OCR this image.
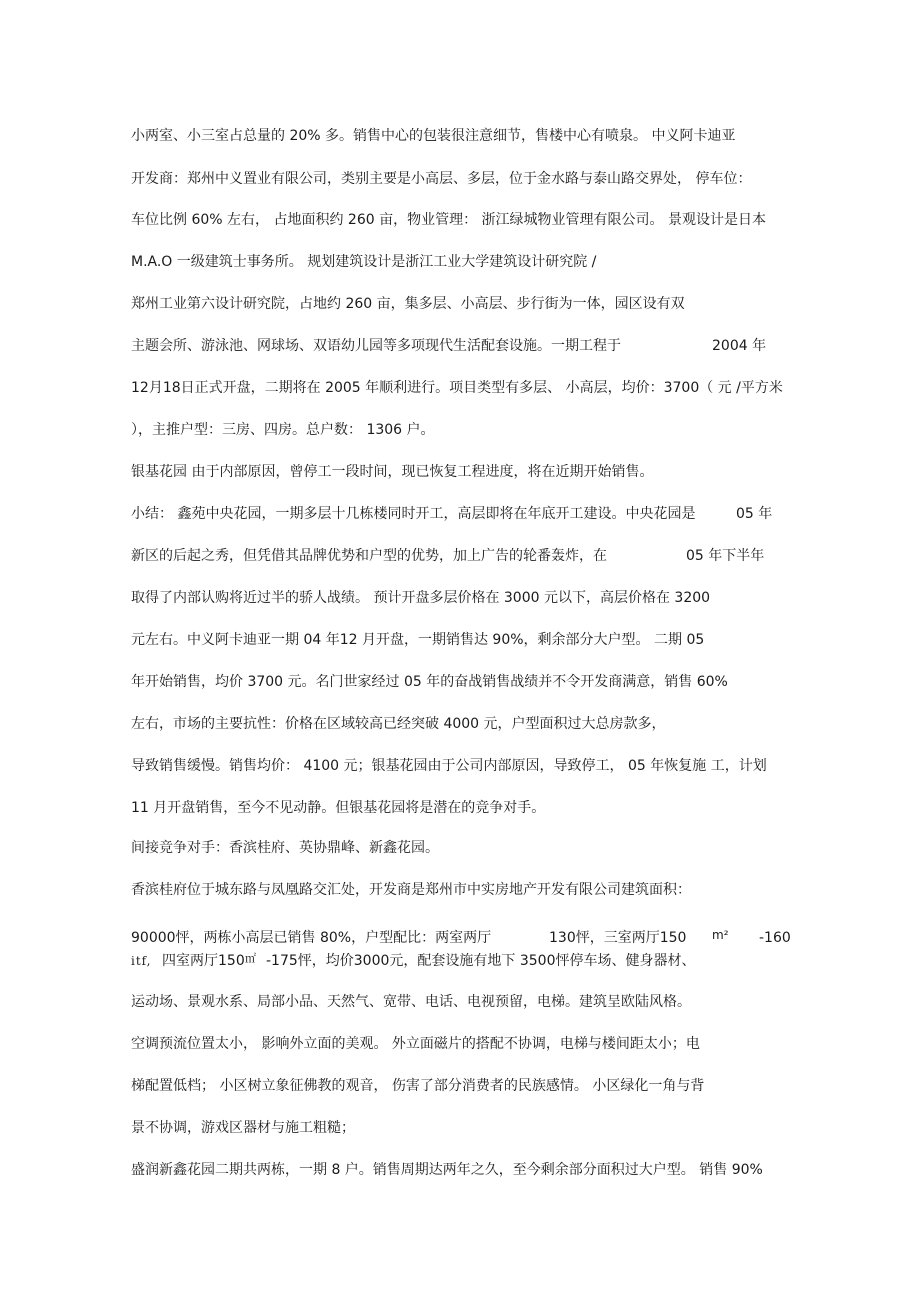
小两室、小三室占总量的 20% 多。销售中心的包装很注意细节，售楼中心有喷泉。 中义阿卡迪亚

开发商：郑州中义置业有限公司，类别主要是小高层、多层，位于金水路与泰山路交界处， 停车位：

车位比例 60% 左右， 占地面积约 260 亩，物业管理： 浙江绿城物业管理有限公司。 景观设计是日本

M.A.O 一级建筑士事务所。 规划建筑设计是浙江工业大学建筑设计研究院 /

郑州工业第六设计研究院，占地约 260 亩，集多层、小高层、步行街为一体，园区设有双

主题会所、游泳池、网球场、双语幼儿园等多项现代生活配套设施。一期工程于	2004 年

12月18日正式开盘，二期将在 2005 年顺利进行。项目类型有多层、 小高层，均价：3700（ 元 /平方米

），主推户型：三房、四房。总户数： 1306 户。

银基花园 由于内部原因，曾停工一段时间，现已恢复工程进度，将在近期开始销售。

小结： 鑫苑中央花园，一期多层十几栋楼同时开工，高层即将在年底开工建设。中央花园是	05 年

新区的后起之秀，但凭借其品牌优势和户型的优势，加上广告的轮番轰炸，在	05 年下半年

取得了内部认购将近过半的骄人战绩。 预计开盘多层价格在 3000 元以下，高层价格在 3200

元左右。中义阿卡迪亚一期 04 年12 月开盘，一期销售达 90%，剩余部分大户型。 二期 05

年开始销售，均价 3700 元。名门世家经过 05 年的奋战销售战绩并不令开发商满意，销售 60%

左右，市场的主要抗性：价格在区域较高已经突破 4000 元，户型面积过大总房款多，

导致销售缓慢。销售均价： 4100 元；银基花园由于公司内部原因，导致停工， 05 年恢复施 工，计划

11 月开盘销售，至今不见动静。但银基花园将是潜在的竞争对手。

间接竞争对手：香滨桂府、英协鼎峰、新鑫花园。

香滨桂府位于城东路与凤凰路交汇处，开发商是郑州市中实房地产开发有限公司建筑面积：

90000怦，两栋小高层已销售 80%，户型配比：两室两厅	130怦，三室两厅150 m² -160

itf, 四室两厅150 ㎡ -175怦，均价3000元，配套设施有地下 3500怦停车场、健身器材、

运动场、景观水系、局部小品、天然气、宽带、电话、电视预留，电梯。建筑呈欧陆风格。

空调预流位置太小， 影响外立面的美观。 外立面磁片的搭配不协调，电梯与楼间距太小；电

梯配置低档； 小区树立象征佛教的观音， 伤害了部分消费者的民族感情。 小区绿化一角与背

景不协调，游戏区器材与施工粗糙；

盛润新鑫花园二期共两栋，一期 8 户。销售周期达两年之久，至今剩余部分面积过大户型。 销售 90%
